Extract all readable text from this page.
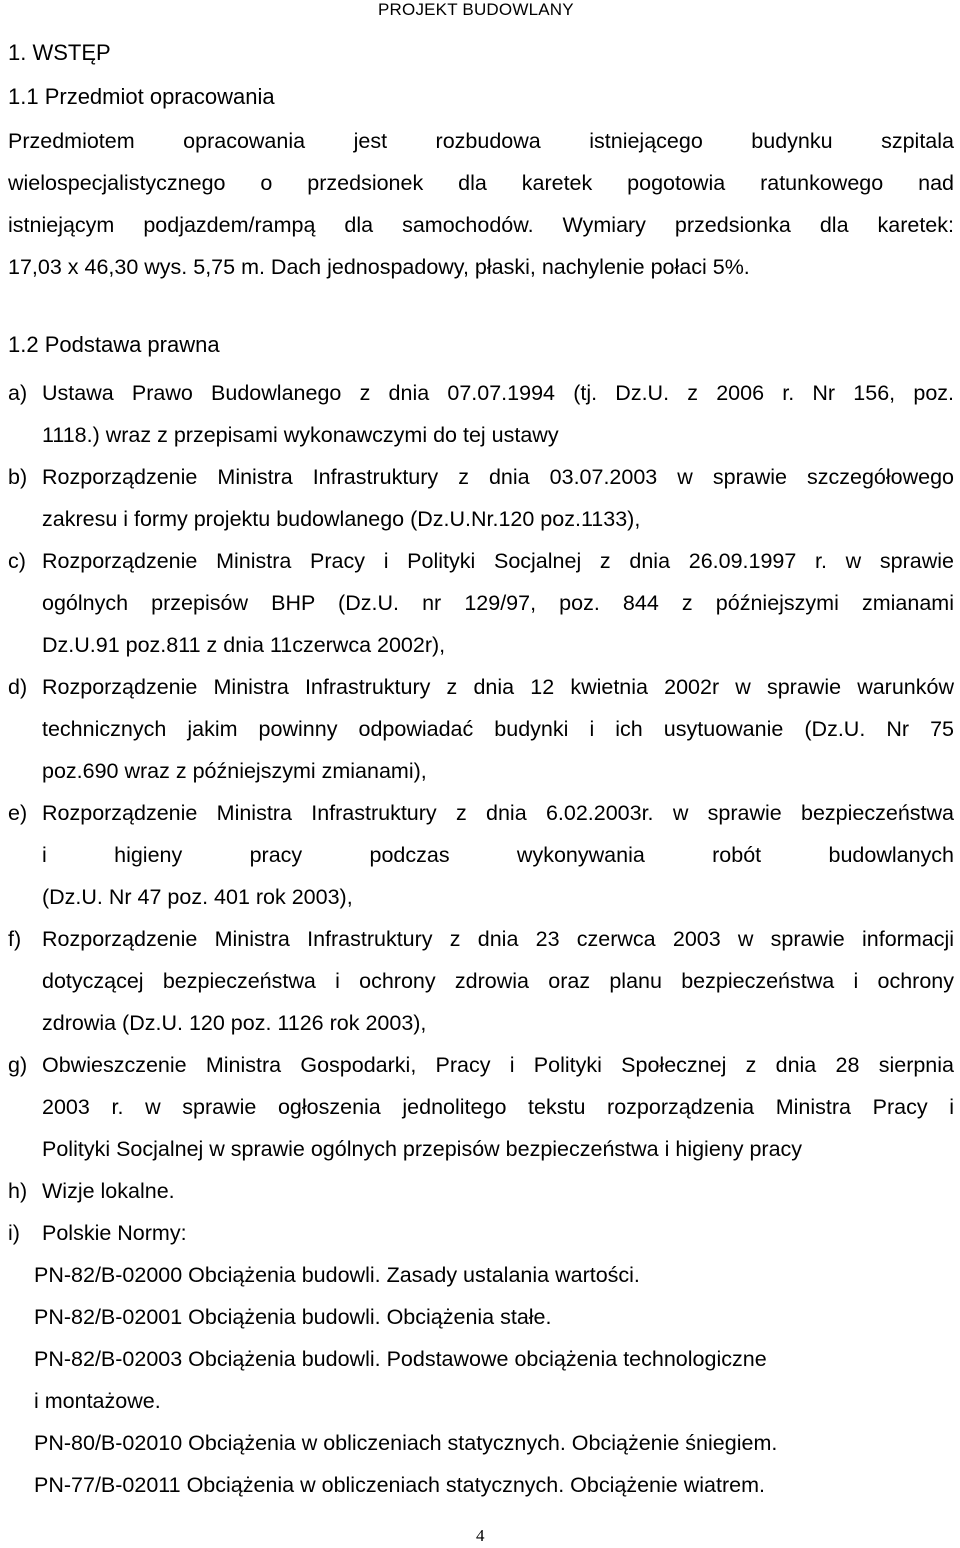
PROJEKT BUDOWLANY
1. WSTĘP
1.1 Przedmiot opracowania
Przedmiotem opracowania jest rozbudowa istniejącego budynku szpitala
wielospecjalistycznego o przedsionek dla karetek pogotowia ratunkowego nad
istniejącym podjazdem/rampą dla samochodów. Wymiary przedsionka dla karetek:
17,03 x 46,30 wys. 5,75 m. Dach jednospadowy, płaski, nachylenie połaci 5%.
1.2 Podstawa prawna
a) Ustawa Prawo Budowlanego z dnia 07.07.1994 (tj. Dz.U. z 2006 r. Nr 156, poz.
1118.) wraz z przepisami wykonawczymi do tej ustawy
b) Rozporządzenie Ministra Infrastruktury z dnia 03.07.2003 w sprawie szczegółowego
zakresu i formy projektu budowlanego (Dz.U.Nr.120 poz.1133),
c) Rozporządzenie Ministra Pracy i Polityki Socjalnej z dnia 26.09.1997 r. w sprawie
ogólnych przepisów BHP (Dz.U. nr 129/97, poz. 844 z późniejszymi zmianami
Dz.U.91 poz.811 z dnia 11czerwca 2002r),
d) Rozporządzenie Ministra Infrastruktury z dnia 12 kwietnia 2002r w sprawie warunków
technicznych jakim powinny odpowiadać budynki i ich usytuowanie (Dz.U. Nr 75
poz.690 wraz z późniejszymi zmianami),
e) Rozporządzenie Ministra Infrastruktury z dnia 6.02.2003r. w sprawie bezpieczeństwa
i higieny pracy podczas wykonywania robót budowlanych
(Dz.U. Nr 47 poz. 401 rok 2003),
f) Rozporządzenie Ministra Infrastruktury z dnia 23 czerwca 2003 w sprawie informacji
dotyczącej bezpieczeństwa i ochrony zdrowia oraz planu bezpieczeństwa i ochrony
zdrowia (Dz.U. 120 poz. 1126 rok 2003),
g) Obwieszczenie Ministra Gospodarki, Pracy i Polityki Społecznej z dnia 28 sierpnia
2003 r. w sprawie ogłoszenia jednolitego tekstu rozporządzenia Ministra Pracy i
Polityki Socjalnej w sprawie ogólnych przepisów bezpieczeństwa i higieny pracy
h) Wizje lokalne.
i) Polskie Normy:
PN-82/B-02000 Obciążenia budowli. Zasady ustalania wartości.
PN-82/B-02001 Obciążenia budowli. Obciążenia stałe.
PN-82/B-02003 Obciążenia budowli. Podstawowe obciążenia technologiczne
i montażowe.
PN-80/B-02010 Obciążenia w obliczeniach statycznych. Obciążenie śniegiem.
PN-77/B-02011 Obciążenia w obliczeniach statycznych. Obciążenie wiatrem.
4
